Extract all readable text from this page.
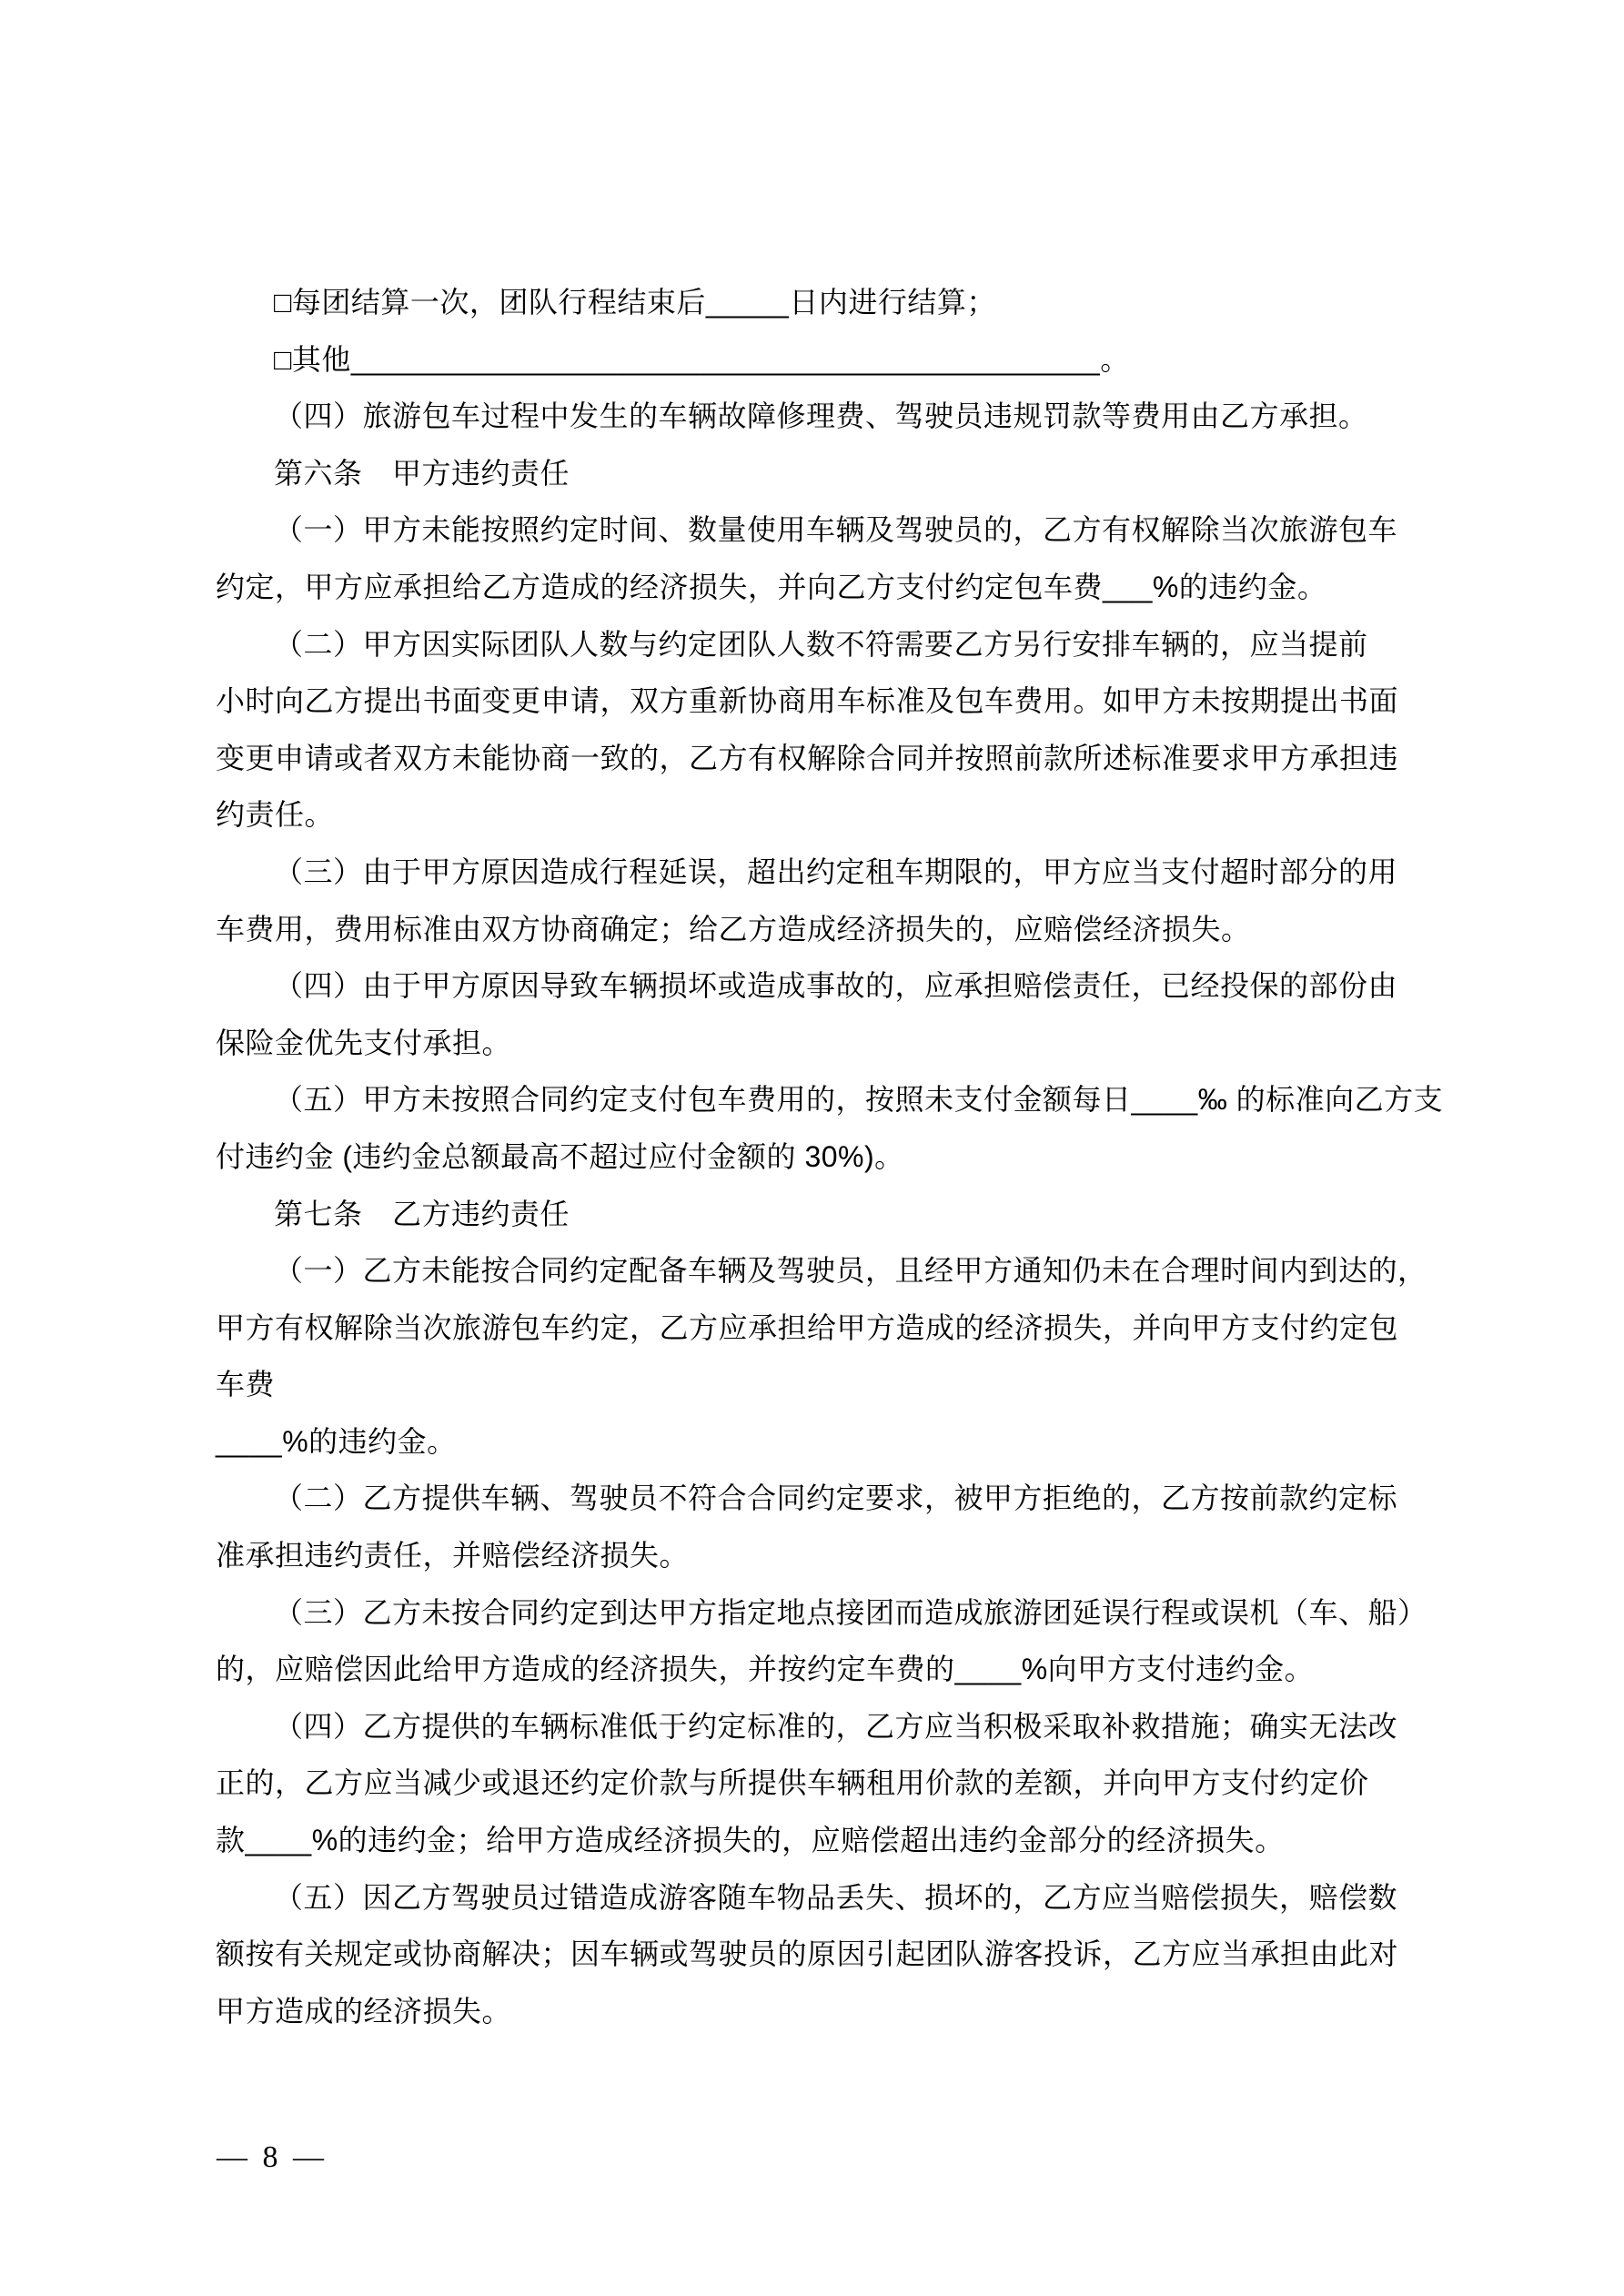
□每团结算一次，团队行程结束后_____日内进行结算；

□其他_____________________________________________。

（四）旅游包车过程中发生的车辆故障修理费、驾驶员违规罚款等费用由乙方承担。

第六条　甲方违约责任

（一）甲方未能按照约定时间、数量使用车辆及驾驶员的，乙方有权解除当次旅游包车

约定，甲方应承担给乙方造成的经济损失，并向乙方支付约定包车费___%的违约金。

（二）甲方因实际团队人数与约定团队人数不符需要乙方另行安排车辆的，应当提前

小时向乙方提出书面变更申请，双方重新协商用车标准及包车费用。如甲方未按期提出书面

变更申请或者双方未能协商一致的，乙方有权解除合同并按照前款所述标准要求甲方承担违

约责任。

（三）由于甲方原因造成行程延误，超出约定租车期限的，甲方应当支付超时部分的用

车费用，费用标准由双方协商确定；给乙方造成经济损失的，应赔偿经济损失。

（四）由于甲方原因导致车辆损坏或造成事故的，应承担赔偿责任，已经投保的部份由

保险金优先支付承担。

（五）甲方未按照合同约定支付包车费用的，按照未支付金额每日____‰ 的标准向乙方支

付违约金 (违约金总额最高不超过应付金额的 30%)。

第七条　乙方违约责任

（一）乙方未能按合同约定配备车辆及驾驶员，且经甲方通知仍未在合理时间内到达的，

甲方有权解除当次旅游包车约定，乙方应承担给甲方造成的经济损失，并向甲方支付约定包

车费

____%的违约金。

（二）乙方提供车辆、驾驶员不符合合同约定要求，被甲方拒绝的，乙方按前款约定标

准承担违约责任，并赔偿经济损失。

（三）乙方未按合同约定到达甲方指定地点接团而造成旅游团延误行程或误机（车、船）

的，应赔偿因此给甲方造成的经济损失，并按约定车费的____%向甲方支付违约金。

（四）乙方提供的车辆标准低于约定标准的，乙方应当积极采取补救措施；确实无法改

正的，乙方应当减少或退还约定价款与所提供车辆租用价款的差额，并向甲方支付约定价

款____%的违约金；给甲方造成经济损失的，应赔偿超出违约金部分的经济损失。

（五）因乙方驾驶员过错造成游客随车物品丢失、损坏的，乙方应当赔偿损失，赔偿数

额按有关规定或协商解决；因车辆或驾驶员的原因引起团队游客投诉，乙方应当承担由此对

甲方造成的经济损失。

— 8 —
